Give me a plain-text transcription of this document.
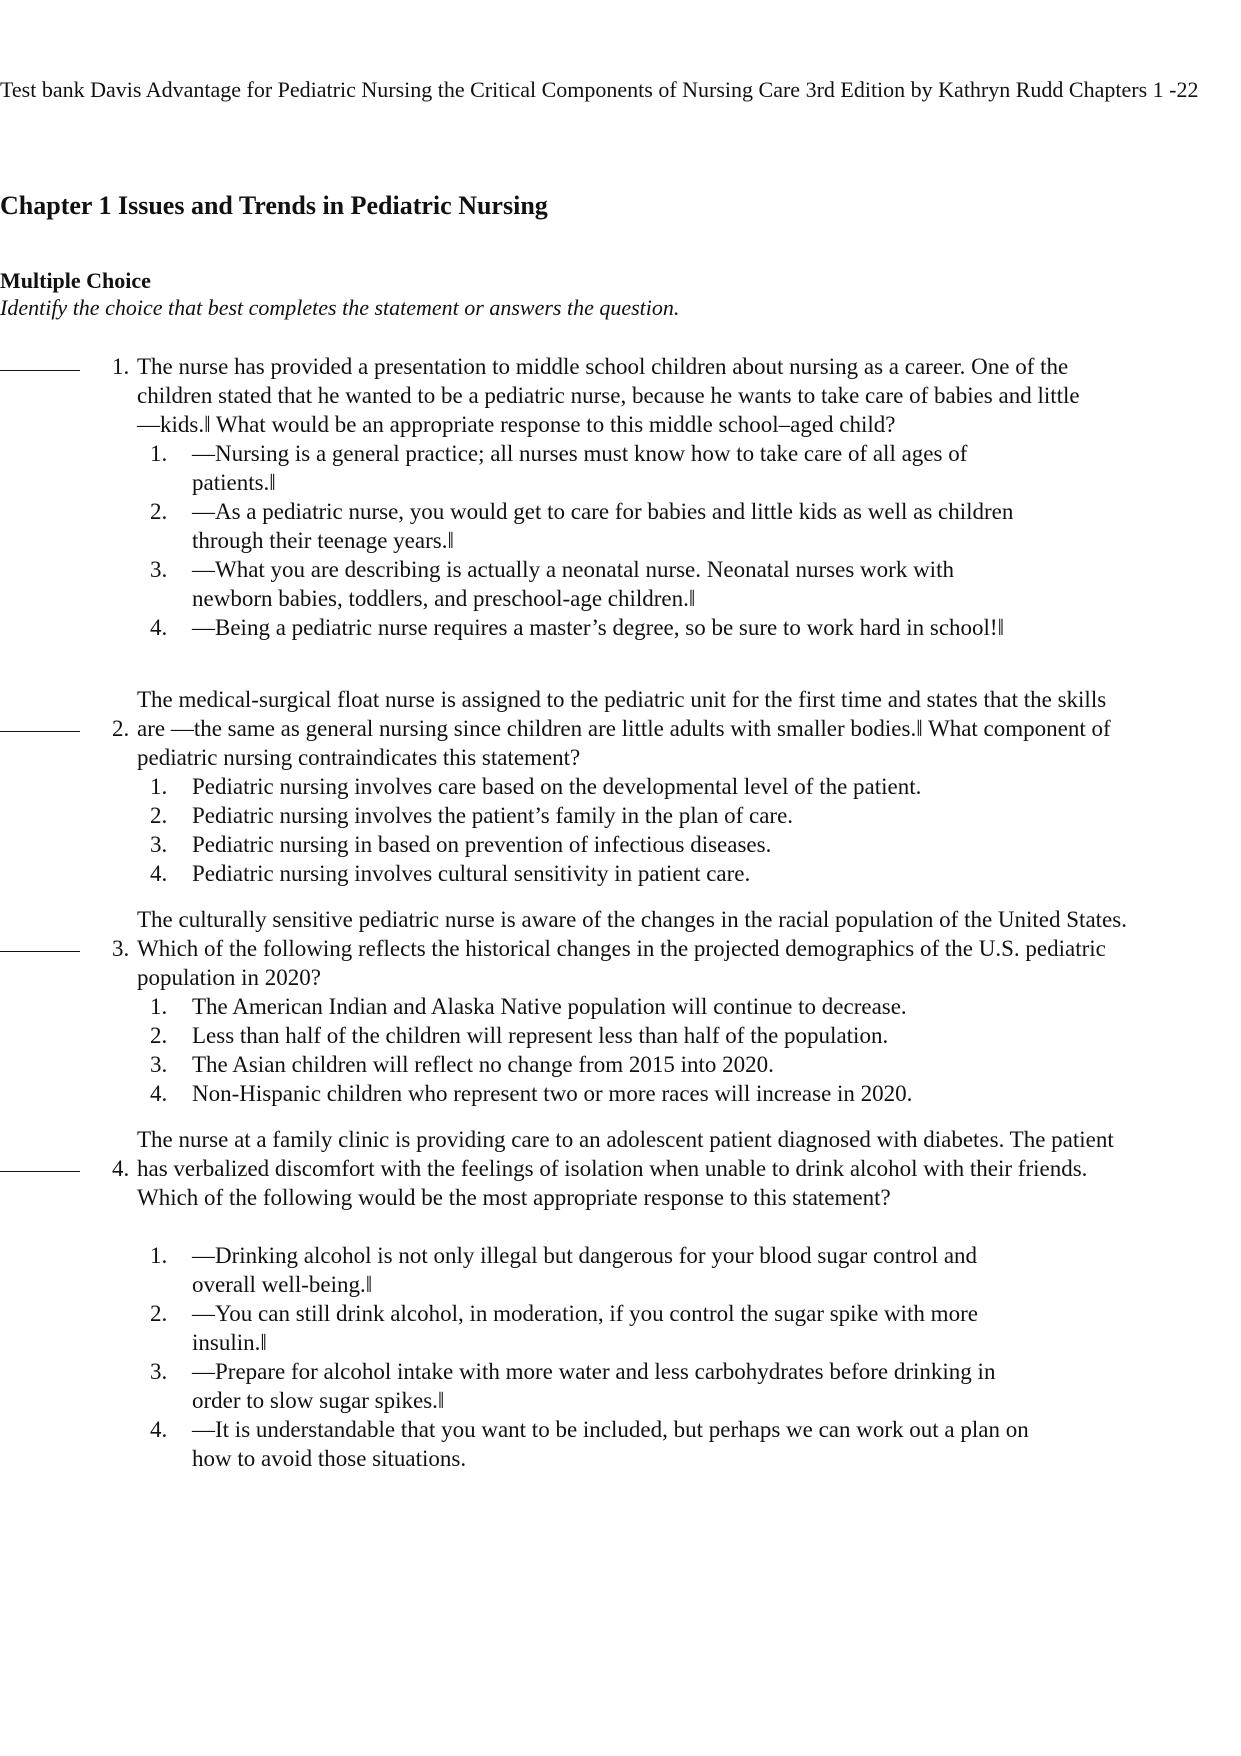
Test bank Davis Advantage for Pediatric Nursing the Critical Components of Nursing Care 3rd Edition by Kathryn Rudd Chapters 1 -22
Chapter 1 Issues and Trends in Pediatric Nursing
Multiple Choice
Identify the choice that best completes the statement or answers the question.
1. The nurse has provided a presentation to middle school children about nursing as a career. One of the children stated that he wanted to be a pediatric nurse, because he wants to take care of babies and little ―kids.‖ What would be an appropriate response to this middle school–aged child?
1. ―Nursing is a general practice; all nurses must know how to take care of all ages of patients.‖
2. ―As a pediatric nurse, you would get to care for babies and little kids as well as children through their teenage years.‖
3. ―What you are describing is actually a neonatal nurse. Neonatal nurses work with newborn babies, toddlers, and preschool-age children.‖
4. ―Being a pediatric nurse requires a master’s degree, so be sure to work hard in school!‖
2.
The medical-surgical float nurse is assigned to the pediatric unit for the first time and states that the skills are ―the same as general nursing since children are little adults with smaller bodies.‖ What component of pediatric nursing contraindicates this statement?
1. Pediatric nursing involves care based on the developmental level of the patient.
2. Pediatric nursing involves the patient’s family in the plan of care.
3. Pediatric nursing in based on prevention of infectious diseases.
4. Pediatric nursing involves cultural sensitivity in patient care.
3.
The culturally sensitive pediatric nurse is aware of the changes in the racial population of the United States. Which of the following reflects the historical changes in the projected demographics of the U.S. pediatric population in 2020?
1. The American Indian and Alaska Native population will continue to decrease.
2. Less than half of the children will represent less than half of the population.
3. The Asian children will reflect no change from 2015 into 2020.
4. Non-Hispanic children who represent two or more races will increase in 2020.
4.
The nurse at a family clinic is providing care to an adolescent patient diagnosed with diabetes. The patient has verbalized discomfort with the feelings of isolation when unable to drink alcohol with their friends. Which of the following would be the most appropriate response to this statement?
1. ―Drinking alcohol is not only illegal but dangerous for your blood sugar control and overall well-being.‖
2. ―You can still drink alcohol, in moderation, if you control the sugar spike with more insulin.‖
3. ―Prepare for alcohol intake with more water and less carbohydrates before drinking in order to slow sugar spikes.‖
4. ―It is understandable that you want to be included, but perhaps we can work out a plan on how to avoid those situations.
